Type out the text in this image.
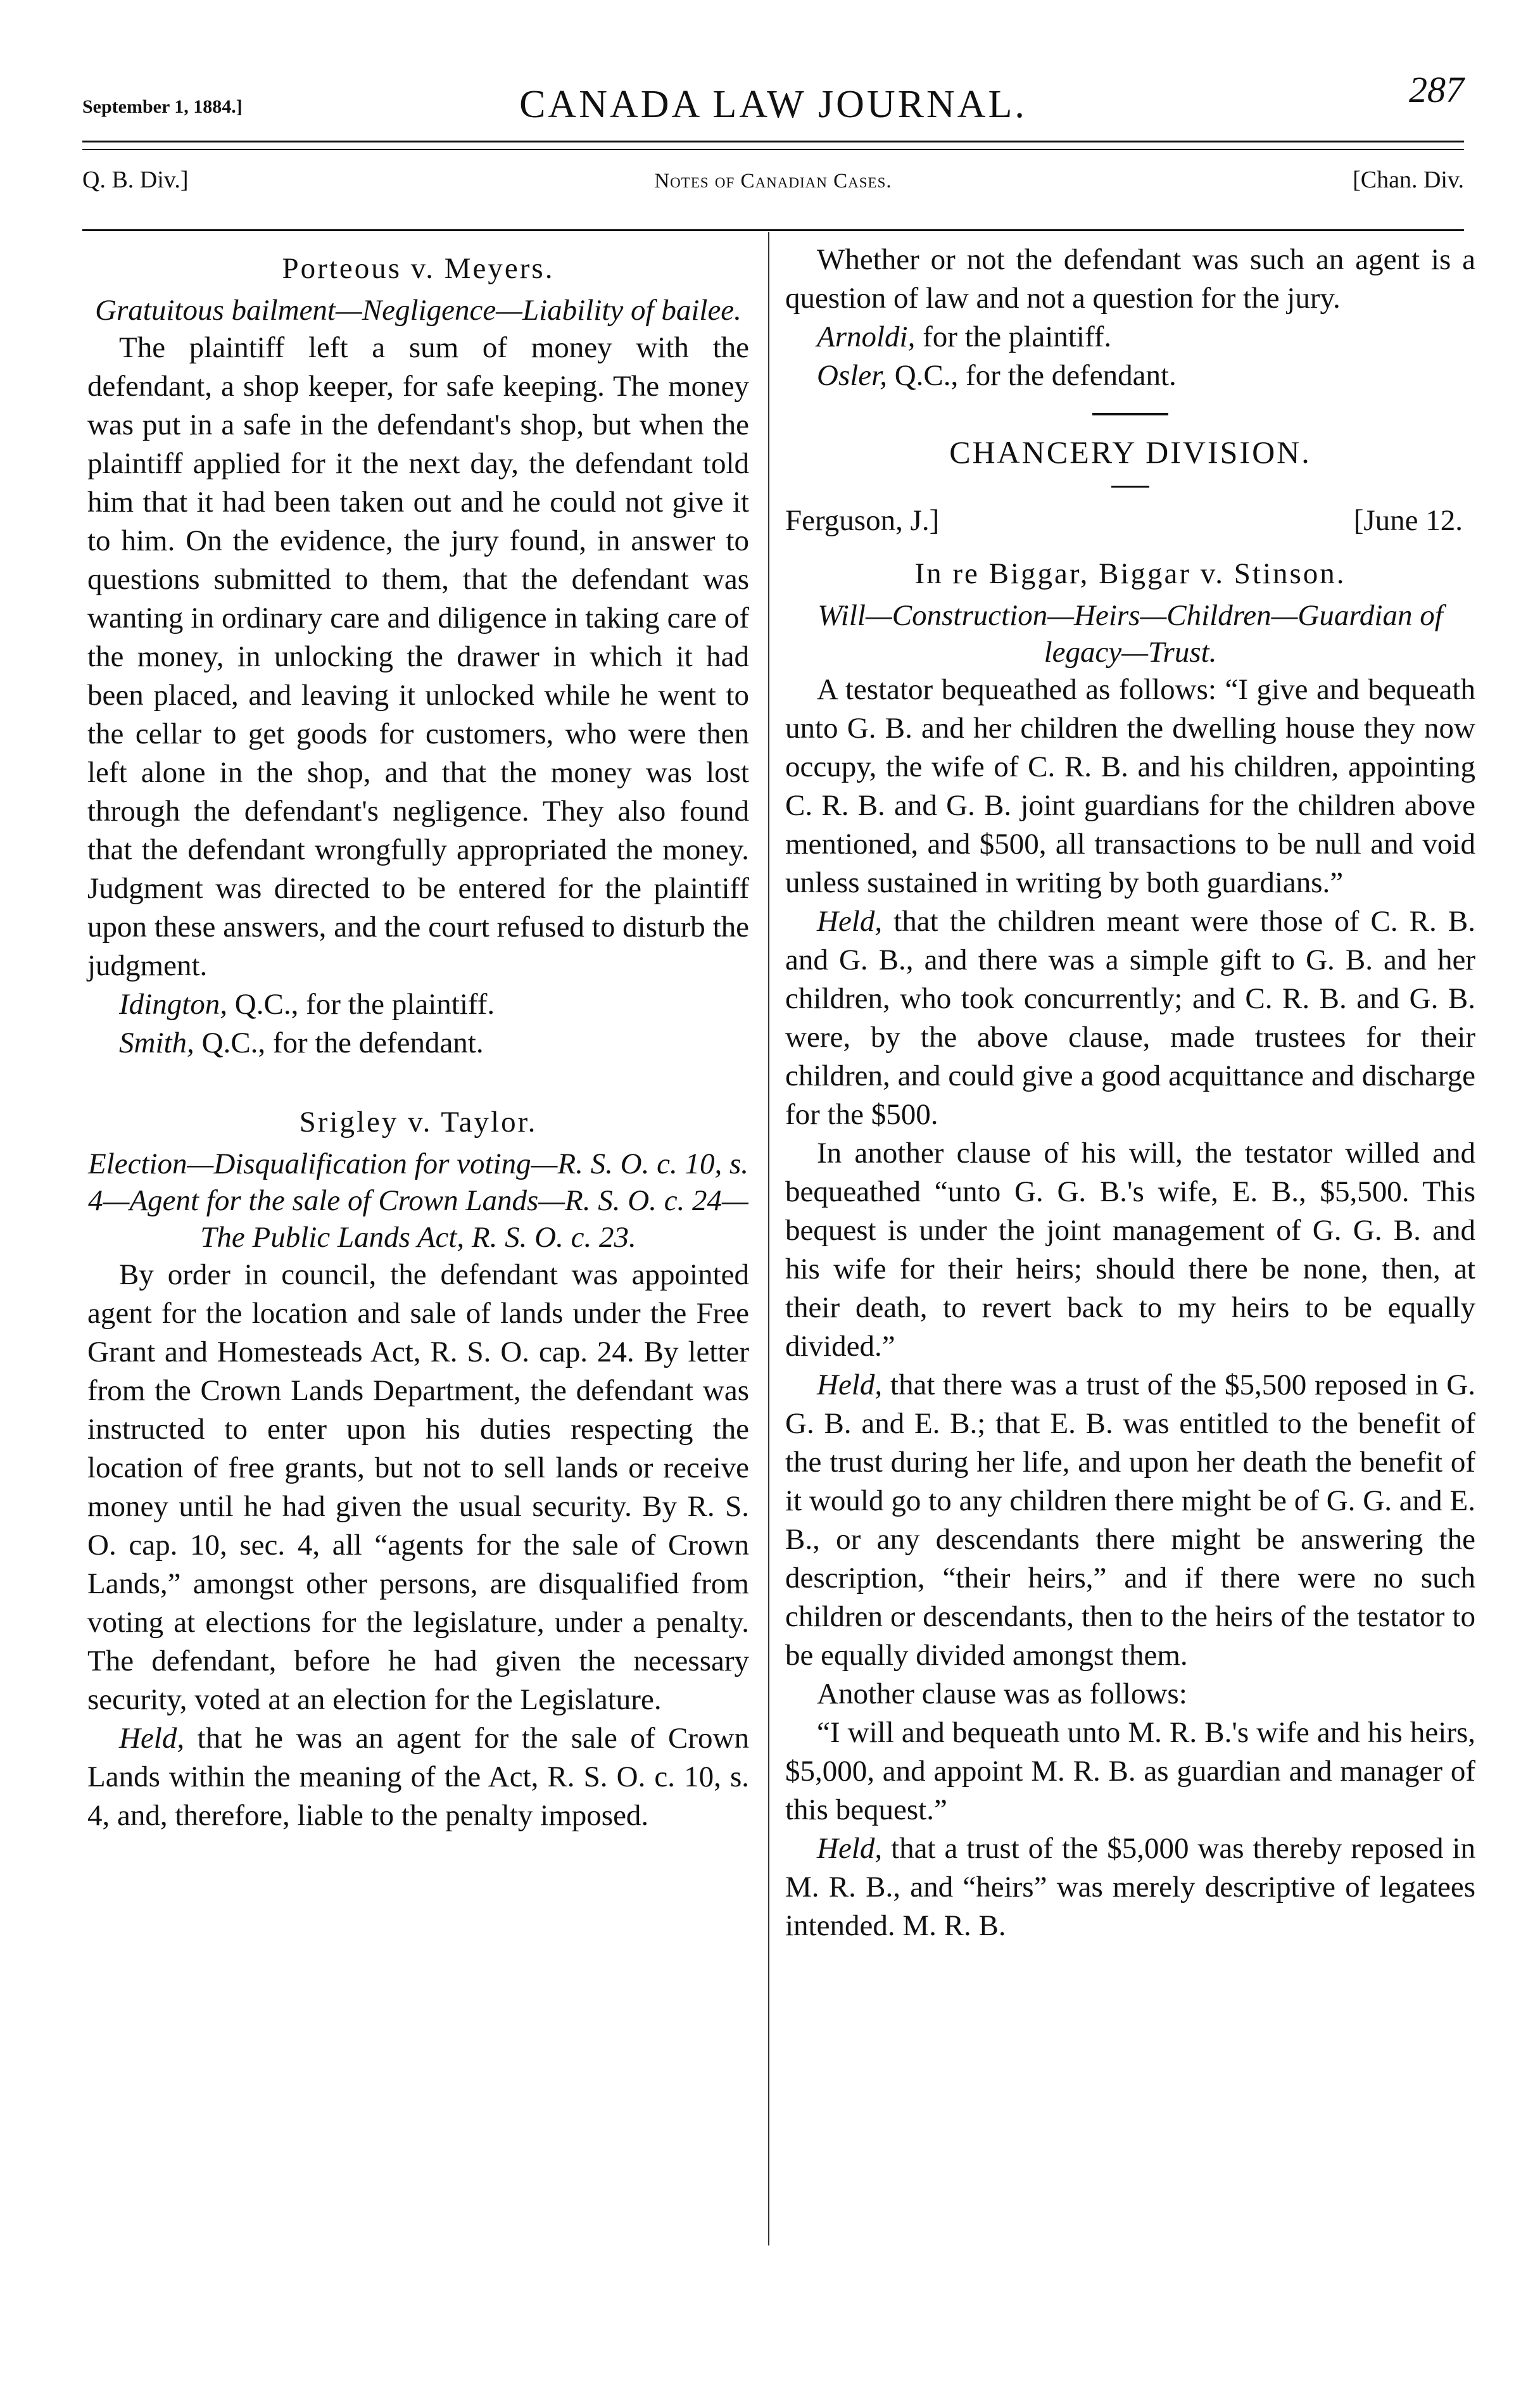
September 1, 1884.]	CANADA LAW JOURNAL.	287
Q. B. Div.]	Notes of Canadian Cases.	[Chan. Div.
Porteous v. Meyers.

Gratuitous bailment—Negligence—Liability of bailee.

The plaintiff left a sum of money with the defendant, a shop keeper, for safe keeping. The money was put in a safe in the defendant's shop, but when the plaintiff applied for it the next day, the defendant told him that it had been taken out and he could not give it to him. On the evidence, the jury found, in answer to questions submitted to them, that the defendant was wanting in ordinary care and diligence in taking care of the money, in unlocking the drawer in which it had been placed, and leaving it unlocked while he went to the cellar to get goods for customers, who were then left alone in the shop, and that the money was lost through the defendant's negligence. They also found that the defendant wrongfully appropriated the money. Judgment was directed to be entered for the plaintiff upon these answers, and the court refused to disturb the judgment.

Idington, Q.C., for the plaintiff.

Smith, Q.C., for the defendant.

Srigley v. Taylor.

Election—Disqualification for voting—R. S. O. c. 10, s. 4—Agent for the sale of Crown Lands—R. S. O. c. 24—The Public Lands Act, R. S. O. c. 23.

By order in council, the defendant was appointed agent for the location and sale of lands under the Free Grant and Homesteads Act, R. S. O. cap. 24. By letter from the Crown Lands Department, the defendant was instructed to enter upon his duties respecting the location of free grants, but not to sell lands or receive money until he had given the usual security. By R. S. O. cap. 10, sec. 4, all “agents for the sale of Crown Lands,” amongst other persons, are disqualified from voting at elections for the legislature, under a penalty. The defendant, before he had given the necessary security, voted at an election for the Legislature.

Held, that he was an agent for the sale of Crown Lands within the meaning of the Act, R. S. O. c. 10, s. 4, and, therefore, liable to the penalty imposed.

Whether or not the defendant was such an agent is a question of law and not a question for the jury.

Arnoldi, for the plaintiff.

Osler, Q.C., for the defendant.

CHANCERY DIVISION.
Ferguson, J.]	[June 12.
In re Biggar, Biggar v. Stinson.

Will—Construction—Heirs—Children—Guardian of legacy—Trust.

A testator bequeathed as follows: “I give and bequeath unto G. B. and her children the dwelling house they now occupy, the wife of C. R. B. and his children, appointing C. R. B. and G. B. joint guardians for the children above mentioned, and $500, all transactions to be null and void unless sustained in writing by both guardians.”

Held, that the children meant were those of C. R. B. and G. B., and there was a simple gift to G. B. and her children, who took concurrently; and C. R. B. and G. B. were, by the above clause, made trustees for their children, and could give a good acquittance and discharge for the $500.

In another clause of his will, the testator willed and bequeathed “unto G. G. B.'s wife, E. B., $5,500. This bequest is under the joint management of G. G. B. and his wife for their heirs; should there be none, then, at their death, to revert back to my heirs to be equally divided.”

Held, that there was a trust of the $5,500 reposed in G. G. B. and E. B.; that E. B. was entitled to the benefit of the trust during her life, and upon her death the benefit of it would go to any children there might be of G. G. and E. B., or any descendants there might be answering the description, “their heirs,” and if there were no such children or descendants, then to the heirs of the testator to be equally divided amongst them.

Another clause was as follows:

“I will and bequeath unto M. R. B.'s wife and his heirs, $5,000, and appoint M. R. B. as guardian and manager of this bequest.”

Held, that a trust of the $5,000 was thereby reposed in M. R. B., and “heirs” was merely descriptive of legatees intended. M. R. B.
